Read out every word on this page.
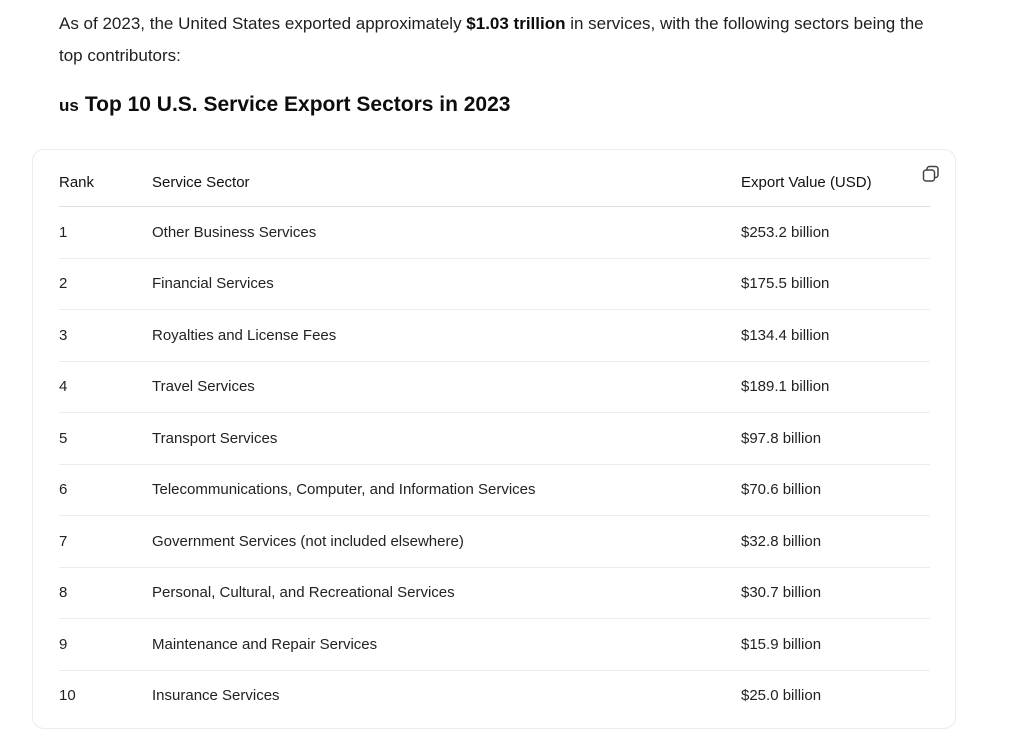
As of 2023, the United States exported approximately $1.03 trillion in services, with the following sectors being the top contributors:

us Top 10 U.S. Service Export Sectors in 2023
Rank	Service Sector	Export Value (USD)
1	Other Business Services	$253.2 billion
2	Financial Services	$175.5 billion
3	Royalties and License Fees	$134.4 billion
4	Travel Services	$189.1 billion
5	Transport Services	$97.8 billion
6	Telecommunications, Computer, and Information Services	$70.6 billion
7	Government Services (not included elsewhere)	$32.8 billion
8	Personal, Cultural, and Recreational Services	$30.7 billion
9	Maintenance and Repair Services	$15.9 billion
10	Insurance Services	$25.0 billion
